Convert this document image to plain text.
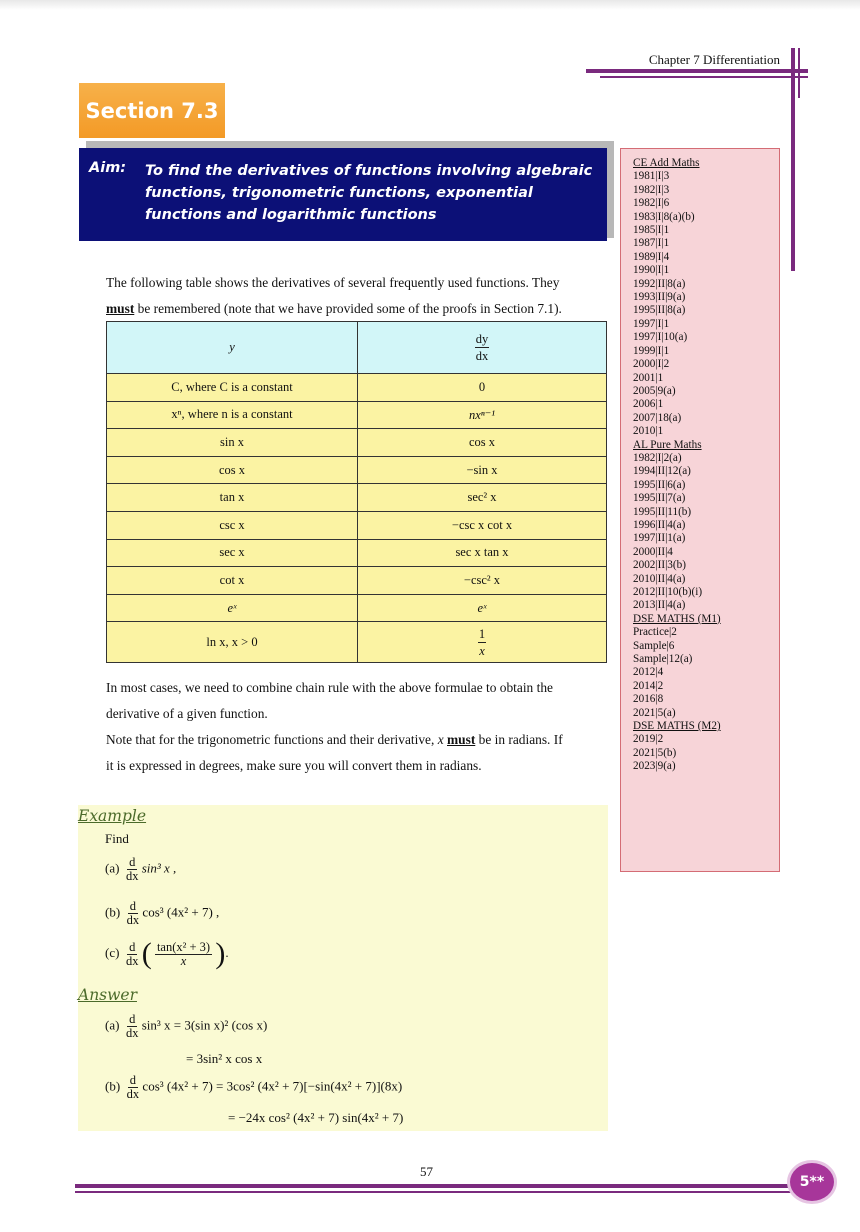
Chapter 7 Differentiation
Section 7.3
Aim: To find the derivatives of functions involving algebraic functions, trigonometric functions, exponential functions and logarithmic functions
The following table shows the derivatives of several frequently used functions. They
must be remembered (note that we have provided some of the proofs in Section 7.1).
y	$\frac{dy}{dx}$

C, where C is a constant	0
xⁿ, where n is a constant	nxⁿ⁻¹
sin x	cos x
cos x	−sin x
tan x	sec² x
csc x	−csc x cot x
sec x	sec x tan x
cot x	−csc² x
eˣ	eˣ
ln x, x > 0	$\frac{1}{x}$
In most cases, we need to combine chain rule with the above formulae to obtain the
derivative of a given function.
Note that for the trigonometric functions and their derivative, x must be in radians. If
it is expressed in degrees, make sure you will convert them in radians.
CE Add Maths
1981|I|3
1982|I|3
1982|I|6
1983|I|8(a)(b)
1985|I|1
1987|I|1
1989|I|4
1990|I|1
1992|II|8(a)
1993|II|9(a)
1995|II|8(a)
1997|I|1
1997|I|10(a)
1999|I|1
2000|I|2
2001|1
2005|9(a)
2006|1
2007|18(a)
2010|1
AL Pure Maths
1982|I|2(a)
1994|II|12(a)
1995|II|6(a)
1995|II|7(a)
1995|II|11(b)
1996|II|4(a)
1997|II|1(a)
2000|II|4
2002|II|3(b)
2010|II|4(a)
2012|II|10(b)(i)
2013|II|4(a)
DSE MATHS (M1)
Practice|2
Sample|6
Sample|12(a)
2012|4
2014|2
2016|8
2021|5(a)
DSE MATHS (M2)
2019|2
2021|5(b)
2023|9(a)
Example
Find
$(a) \frac{d}{dx} \sin^3$ x ,
$(b) \frac{d}{dx} \cos^3$ (4x² + 7) ,
$(c) \frac{d}{dx}$ ( $\frac{\text{tan(x² + 3)}}{x}$ ).
Answer
$(a) \frac{d}{dx} \sin^3$ x = 3(sin x)² (cos x)
= 3sin² x cos x
$(b) \frac{d}{dx} \cos^3$ (4x² + 7) = 3cos² (4x² + 7)[−sin(4x² + 7)](8x)
= −24x cos² (4x² + 7) sin(4x² + 7)
57
5**
